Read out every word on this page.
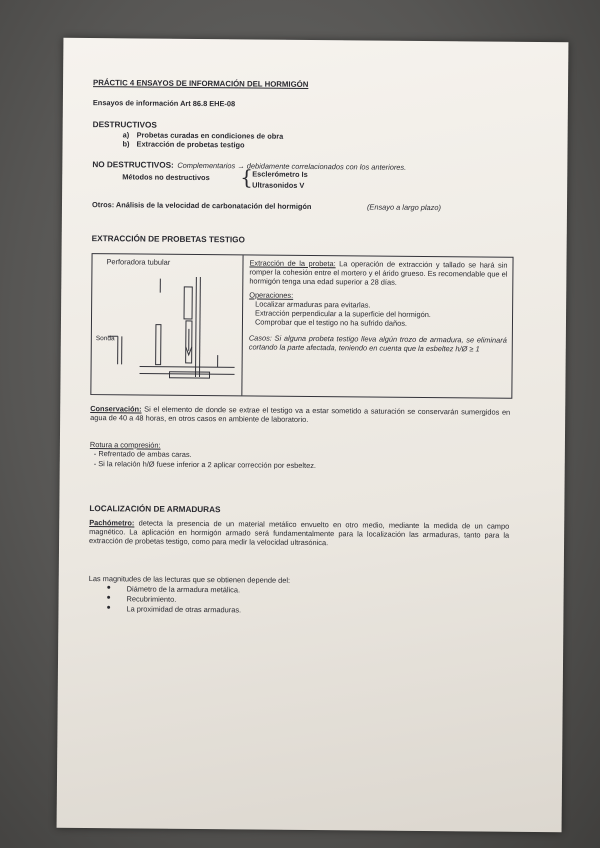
PRÁCTIC 4 ENSAYOS DE INFORMACIÓN DEL HORMIGÓN
Ensayos de información Art 86.8 EHE-08
DESTRUCTIVOS
a) Probetas curadas en condiciones de obra
b) Extracción de probetas testigo
NO DESTRUCTIVOS: Complementarios → debidamente correlacionados con los anteriores.
Métodos no destructivos { Esclerómetro Is
Ultrasonidos V
Otros: Análisis de la velocidad de carbonatación del hormigón	(Ensayo a largo plazo)
EXTRACCIÓN DE PROBETAS TESTIGO
Perforadora tubular
Sonda
Extracción de la probeta: La operación de extracción y tallado se hará sin romper la cohesión entre el mortero y el árido grueso. Es recomendable que el hormigón tenga una edad superior a 28 días.
Operaciones:
Localizar armaduras para evitarlas.
Extracción perpendicular a la superficie del hormigón.
Comprobar que el testigo no ha sufrido daños.
Casos: Si alguna probeta testigo lleva algún trozo de armadura, se eliminará cortando la parte afectada, teniendo en cuenta que la esbeltez h/Ø ≥ 1
Conservación: Si el elemento de donde se extrae el testigo va a estar sometido a saturación se conservarán sumergidos en agua de 40 a 48 horas, en otros casos en ambiente de laboratorio.
Rotura a compresión:
- Refrentado de ambas caras.
- Si la relación h/Ø fuese inferior a 2 aplicar corrección por esbeltez.
LOCALIZACIÓN DE ARMADURAS
Pachómetro: detecta la presencia de un material metálico envuelto en otro medio, mediante la medida de un campo magnético. La aplicación en hormigón armado será fundamentalmente para la localización las armaduras, tanto para la extracción de probetas testigo, como para medir la velocidad ultrasónica.
Las magnitudes de las lecturas que se obtienen depende del:
● Diámetro de la armadura metálica.
● Recubrimiento.
● La proximidad de otras armaduras.
